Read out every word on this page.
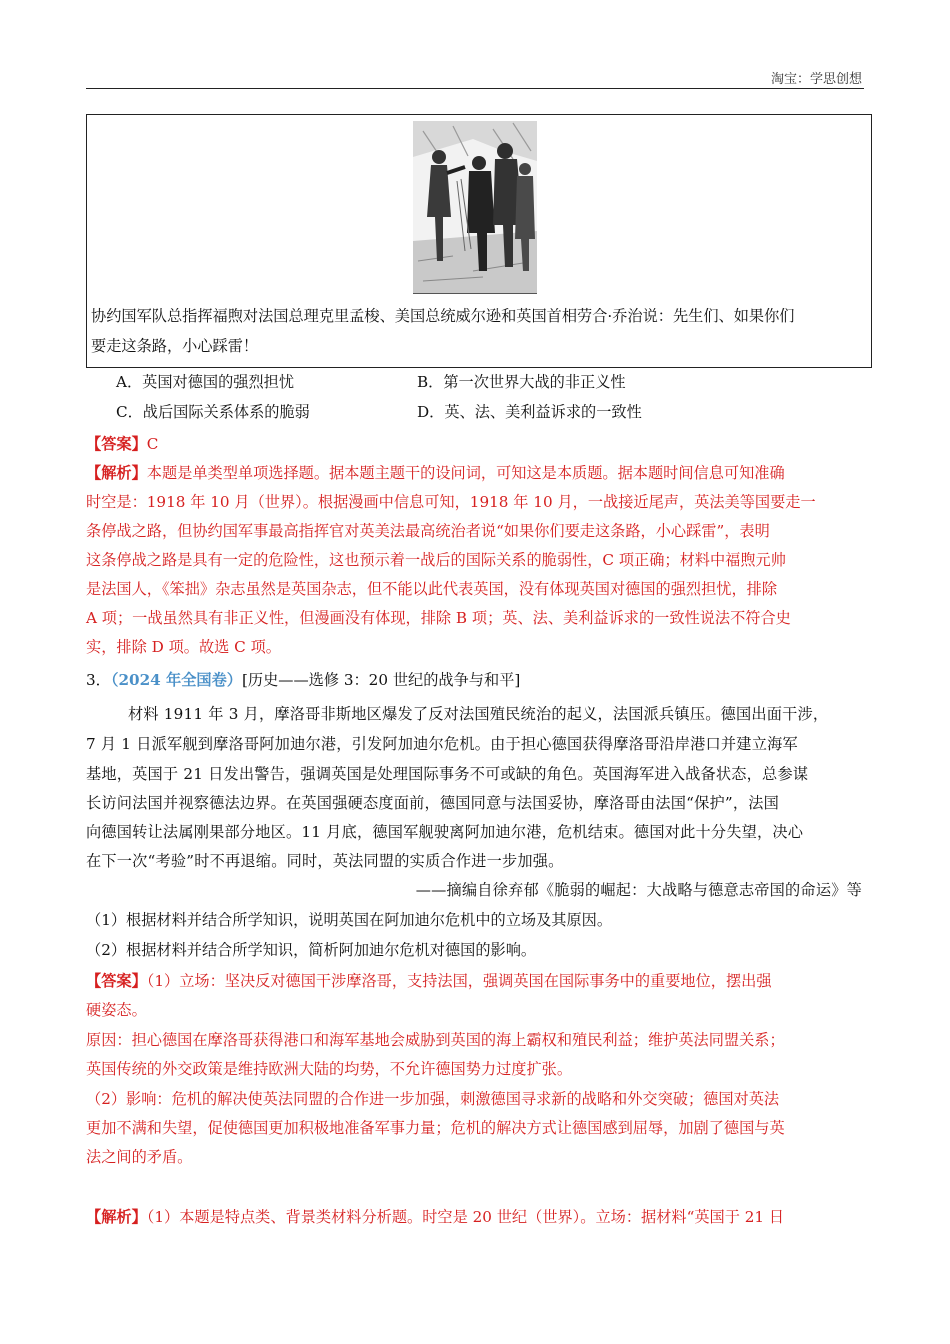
淘宝：学思创想
协约国军队总指挥福煦对法国总理克里孟梭、美国总统威尔逊和英国首相劳合·乔治说：先生们、如果你们
要走这条路，小心踩雷！
A．英国对德国的强烈担忧	B．第一次世界大战的非正义性
C．战后国际关系体系的脆弱	D．英、法、美利益诉求的一致性
【答案】C
【解析】本题是单类型单项选择题。据本题主题干的设问词，可知这是本质题。据本题时间信息可知准确
时空是：1918 年 10 月（世界）。根据漫画中信息可知，1918 年 10 月，一战接近尾声，英法美等国要走一
条停战之路，但协约国军事最高指挥官对英美法最高统治者说“如果你们要走这条路，小心踩雷”，表明
这条停战之路是具有一定的危险性，这也预示着一战后的国际关系的脆弱性，C 项正确；材料中福煦元帅
是法国人，《笨拙》杂志虽然是英国杂志，但不能以此代表英国，没有体现英国对德国的强烈担忧，排除
A 项；一战虽然具有非正义性，但漫画没有体现，排除 B 项；英、法、美利益诉求的一致性说法不符合史
实，排除 D 项。故选 C 项。
3．（2024 年全国卷）[历史——选修 3：20 世纪的战争与和平]
材料 1911 年 3 月，摩洛哥非斯地区爆发了反对法国殖民统治的起义，法国派兵镇压。德国出面干涉，
7 月 1 日派军舰到摩洛哥阿加迪尔港，引发阿加迪尔危机。由于担心德国获得摩洛哥沿岸港口并建立海军
基地，英国于 21 日发出警告，强调英国是处理国际事务不可或缺的角色。英国海军进入战备状态，总参谋
长访问法国并视察德法边界。在英国强硬态度面前，德国同意与法国妥协，摩洛哥由法国“保护”，法国
向德国转让法属刚果部分地区。11 月底，德国军舰驶离阿加迪尔港，危机结束。德国对此十分失望，决心
在下一次“考验”时不再退缩。同时，英法同盟的实质合作进一步加强。
——摘编自徐弃郁《脆弱的崛起：大战略与德意志帝国的命运》等
（1）根据材料并结合所学知识，说明英国在阿加迪尔危机中的立场及其原因。
（2）根据材料并结合所学知识，简析阿加迪尔危机对德国的影响。
【答案】（1）立场：坚决反对德国干涉摩洛哥，支持法国，强调英国在国际事务中的重要地位，摆出强
硬姿态。
原因：担心德国在摩洛哥获得港口和海军基地会威胁到英国的海上霸权和殖民利益；维护英法同盟关系；
英国传统的外交政策是维持欧洲大陆的均势，不允许德国势力过度扩张。
（2）影响：危机的解决使英法同盟的合作进一步加强，刺激德国寻求新的战略和外交突破；德国对英法
更加不满和失望，促使德国更加积极地准备军事力量；危机的解决方式让德国感到屈辱，加剧了德国与英
法之间的矛盾。
【解析】（1）本题是特点类、背景类材料分析题。时空是 20 世纪（世界）。立场：据材料“英国于 21 日
